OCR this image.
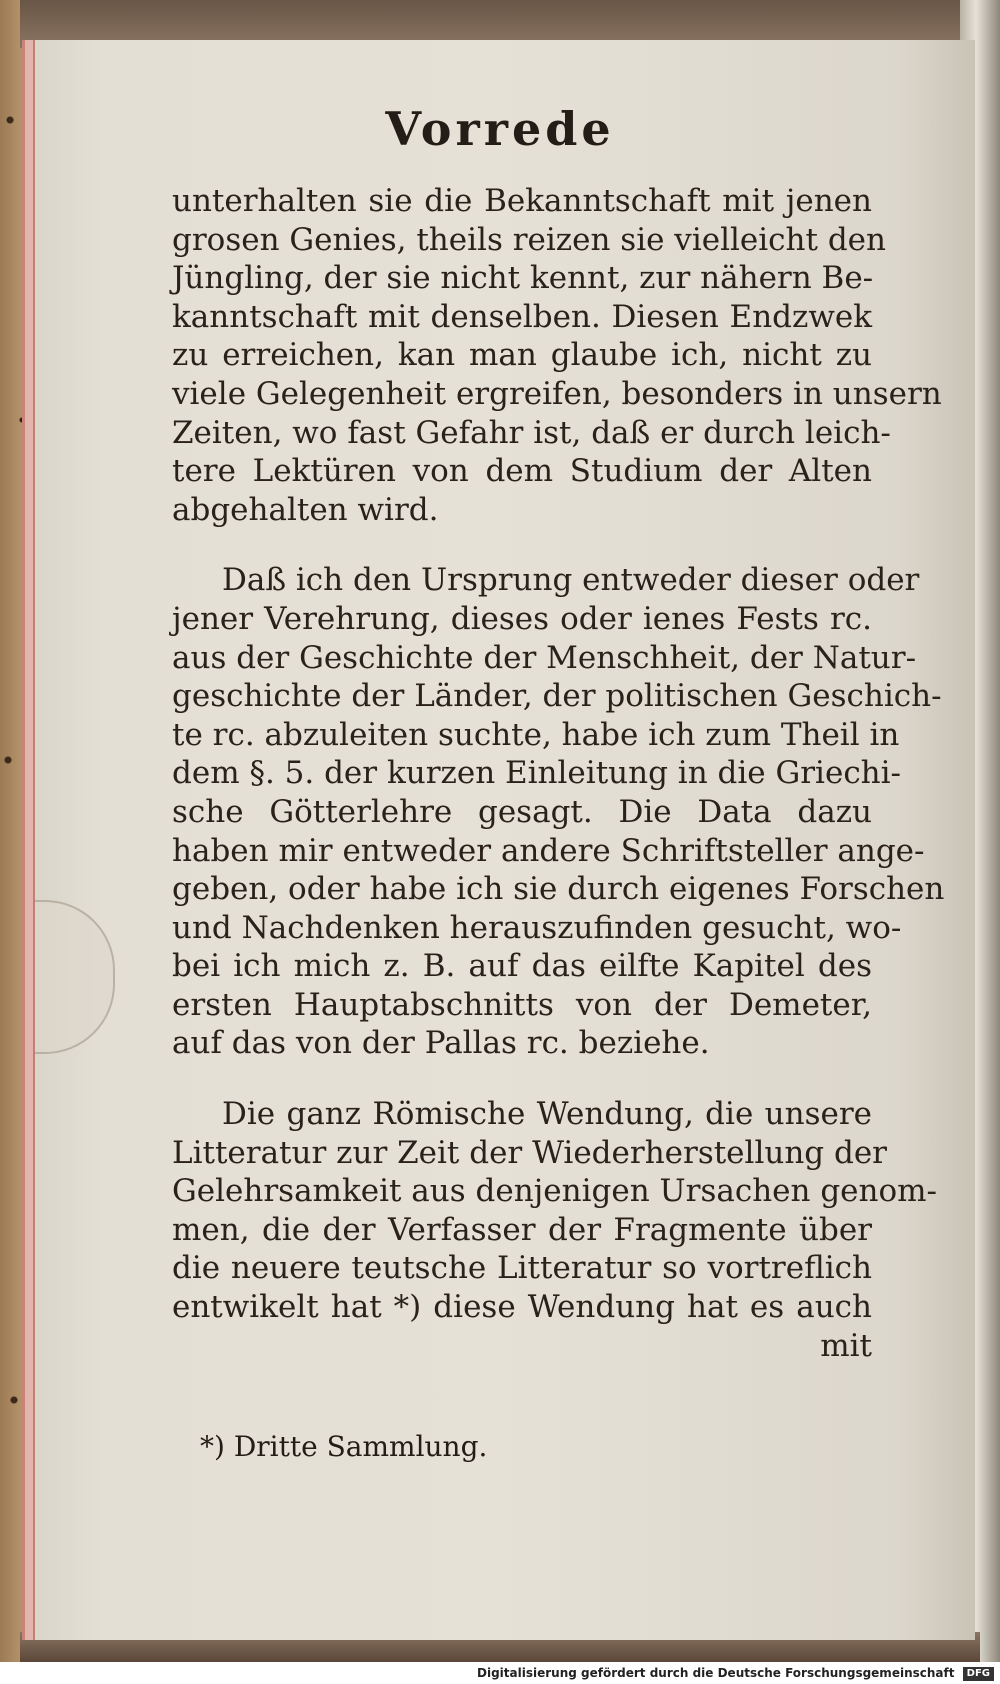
Vorrede
unterhalten sie die Bekanntschaft mit jenen
grosen Genies, theils reizen sie vielleicht den
Jüngling, der sie nicht kennt, zur nähern Be-
kanntschaft mit denselben. Diesen Endzwek
zu erreichen, kan man glaube ich, nicht zu
viele Gelegenheit ergreifen, besonders in unsern
Zeiten, wo fast Gefahr ist, daß er durch leich-
tere Lektüren von dem Studium der Alten
abgehalten wird.
Daß ich den Ursprung entweder dieser oder
jener Verehrung, dieses oder ienes Fests rc.
aus der Geschichte der Menschheit, der Natur-
geschichte der Länder, der politischen Geschich-
te rc. abzuleiten suchte, habe ich zum Theil in
dem §. 5. der kurzen Einleitung in die Griechi-
sche Götterlehre gesagt. Die Data dazu
haben mir entweder andere Schriftsteller ange-
geben, oder habe ich sie durch eigenes Forschen
und Nachdenken herauszufinden gesucht, wo-
bei ich mich z. B. auf das eilfte Kapitel des
ersten Hauptabschnitts von der Demeter,
auf das von der Pallas rc. beziehe.
Die ganz Römische Wendung, die unsere
Litteratur zur Zeit der Wiederherstellung der
Gelehrsamkeit aus denjenigen Ursachen genom-
men, die der Verfasser der Fragmente über
die neuere teutsche Litteratur so vortreflich
entwikelt hat *) diese Wendung hat es auch
mit
*) Dritte Sammlung.
Digitalisierung gefördert durch die Deutsche Forschungsgemeinschaft DFG
